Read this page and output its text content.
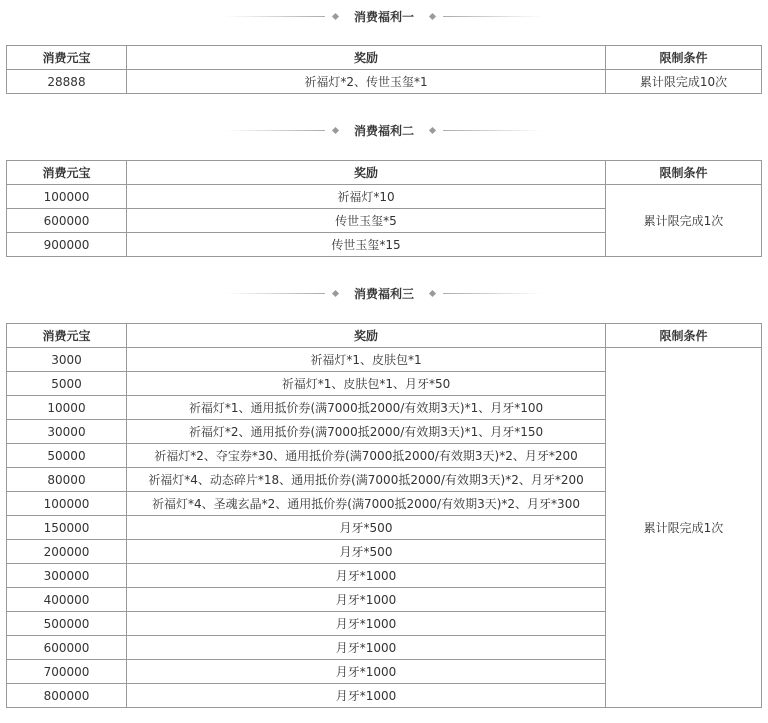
消费福利一
消费元宝	奖励	限制条件
28888	祈福灯*2、传世玉玺*1	累计限完成10次
消费福利二
消费元宝	奖励	限制条件
100000	祈福灯*10	累计限完成1次
600000	传世玉玺*5	
900000	传世玉玺*15	
消费福利三
消费元宝	奖励	限制条件
3000	祈福灯*1、皮肤包*1	累计限完成1次
5000	祈福灯*1、皮肤包*1、月牙*50	
10000	祈福灯*1、通用抵价券(满7000抵2000/有效期3天)*1、月牙*100	
30000	祈福灯*2、通用抵价券(满7000抵2000/有效期3天)*1、月牙*150	
50000	祈福灯*2、夺宝券*30、通用抵价券(满7000抵2000/有效期3天)*2、月牙*200	
80000	祈福灯*4、动态碎片*18、通用抵价券(满7000抵2000/有效期3天)*2、月牙*200	
100000	祈福灯*4、圣魂玄晶*2、通用抵价券(满7000抵2000/有效期3天)*2、月牙*300	
150000	月牙*500	
200000	月牙*500	
300000	月牙*1000	
400000	月牙*1000	
500000	月牙*1000	
600000	月牙*1000	
700000	月牙*1000	
800000	月牙*1000	
